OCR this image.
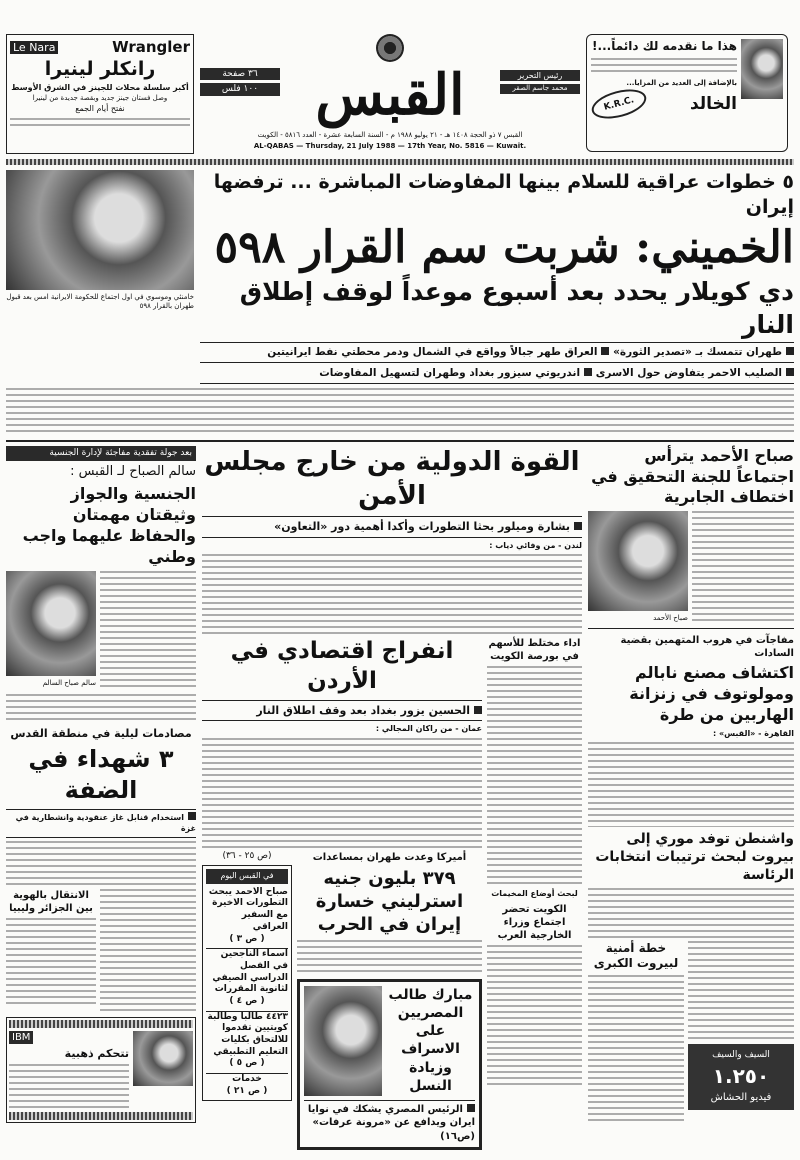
Le Nara	Wrangler
رانكلر لينيرا
أكبر سلسلة محلات للجينز في الشرق الأوسط
وصل فستان جينز جديد وبقصة جديدة من لينيرا
نفتح أيام الجمع
٣٦ صفحة
١٠٠ فلس	القبس	رئيس التحرير
محمد جاسم الصقر
القبس ٧ ذو الحجة ١٤٠٨ هـ - ٢١ يوليو ١٩٨٨ م - السنة السابعة عشرة - العدد ٥٨١٦ - الكويت
AL-QABAS — Thursday, 21 July 1988 — 17th Year, No. 5816 — Kuwait.
هذا ما نقدمه لك دائماً...!
بالإضافة إلى العديد من المزايا...
K.R.C.	الخالد
خامنئي وموسوي في اول اجتماع للحكومة الايرانية امس بعد قبول طهران بالقرار ٥٩٨
٥ خطوات عراقية للسلام بينها المفاوضات المباشرة ... ترفضها إيران
الخميني: شربت سم القرار ٥٩٨
دي كويلار يحدد بعد أسبوع موعداً لوقف إطلاق النار
طهران تتمسك بـ «تصدير الثورة» العراق طهر جبالاً وواقع في الشمال ودمر محطتي نفط ايرانيتين
الصليب الاحمر يتفاوض حول الاسرى اندريوتي سيزور بغداد وطهران لتسهيل المفاوضات
بعد جولة تفقدية مفاجئة لإدارة الجنسية
سالم الصباح لـ القبس :
الجنسية والجواز وثيقتان مهمتان والحفاظ عليهما واجب وطني
سالم صباح السالم
مصادمات ليلية في منطقة القدس
٣ شهداء في الضفة
استخدام قنابل غاز عنقودية وانشطارية في غزة
الانتقال بالهوية بين الجزائر وليبيا
IBM
تتحكم ذهبية
القوة الدولية من خارج مجلس الأمن
بشارة وميلور بحثا التطورات وأكدا أهمية دور «التعاون»
لندن - من وفائي دياب :
انفراج اقتصادي في الأردن
الحسين يزور بغداد بعد وقف اطلاق النار
عمان - من راكان المجالي :
(ص ٢٥ - ٣٦)
في القبس اليوم
صباح الاحمد يبحث التطورات الاخيرة مع السفير العراقي
( ص ٣ )
اسماء الناجحين في الفصل الدراسي الصيفي لثانوية المقررات
( ص ٤ )
٤٤٢٣ طالبا وطالبة كويتيين تقدموا للالتحاق بكليات التعليم التطبيقي
( ص ٥ )
خدمات
( ص ٢١ )
أميركا وعدت طهران بمساعدات
٣٧٩ بليون جنيه استرليني خسارة إيران في الحرب
مبارك طالب المصريين على الاسراف وزيادة النسل
الرئيس المصري يشكك في نوايا ايران ويدافع عن «مرونة عرفات» (ص١٦)
اداء مختلط للأسهم في بورصة الكويت
لبحث أوضاع المخيمات
الكويت تحضر اجتماع وزراء الخارجية العرب
صباح الأحمد يترأس اجتماعاً للجنة التحقيق في اختطاف الجابرية
صباح الأحمد
مفاجآت في هروب المتهمين بقضية السادات
اكتشاف مصنع نابالم ومولوتوف في زنزانة الهاربين من طرة
القاهرة - «القبس» :
واشنطن توفد موري إلى بيروت لبحث ترتيبات انتخابات الرئاسة
خطة أمنية لبيروت الكبرى
السيف والسيف
١.٢٥٠
فيديو الحشاش
